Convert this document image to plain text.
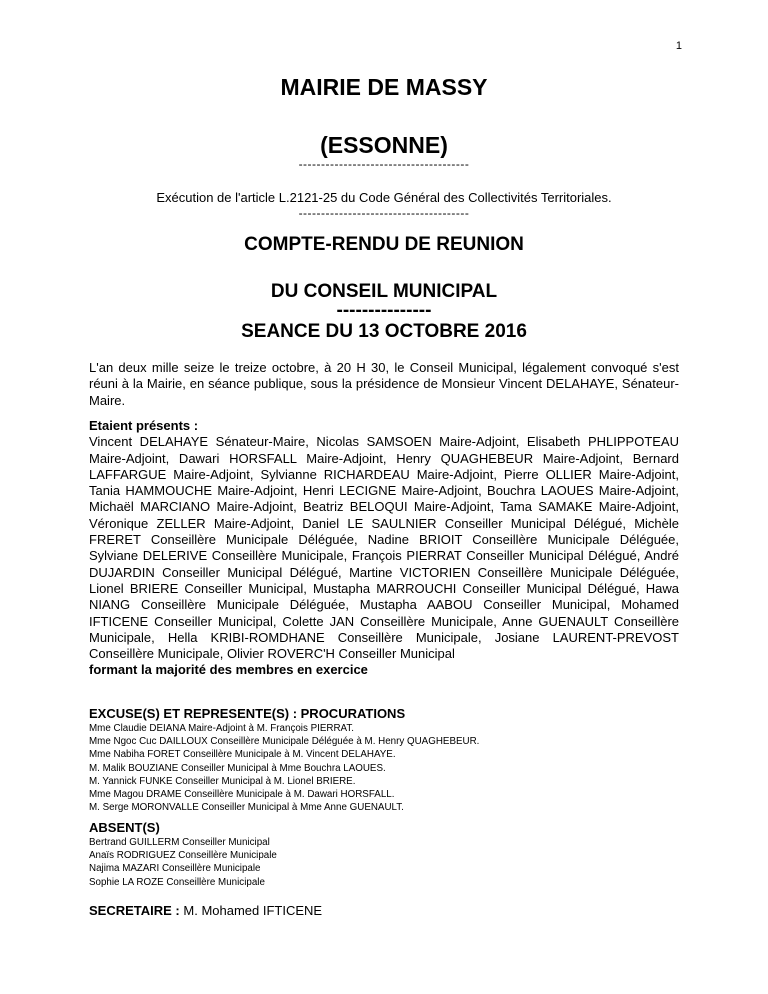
1
MAIRIE DE MASSY
(ESSONNE)
--------------------------------------
Exécution de l'article L.2121-25 du Code Général des Collectivités Territoriales.
--------------------------------------
COMPTE-RENDU DE REUNION
DU CONSEIL MUNICIPAL
---------------
SEANCE DU 13 OCTOBRE 2016
L'an deux mille seize le treize octobre, à 20 H 30, le Conseil Municipal, légalement convoqué s'est réuni à la Mairie, en séance publique, sous la présidence de Monsieur Vincent DELAHAYE, Sénateur-Maire.
Etaient présents :
Vincent DELAHAYE Sénateur-Maire, Nicolas SAMSOEN Maire-Adjoint, Elisabeth PHLIPPOTEAU Maire-Adjoint, Dawari HORSFALL Maire-Adjoint, Henry QUAGHEBEUR Maire-Adjoint, Bernard LAFFARGUE Maire-Adjoint, Sylvianne RICHARDEAU Maire-Adjoint, Pierre OLLIER Maire-Adjoint, Tania HAMMOUCHE Maire-Adjoint, Henri LECIGNE Maire-Adjoint, Bouchra LAOUES Maire-Adjoint, Michaël MARCIANO Maire-Adjoint, Beatriz BELOQUI Maire-Adjoint, Tama SAMAKE Maire-Adjoint, Véronique ZELLER Maire-Adjoint, Daniel LE SAULNIER Conseiller Municipal Délégué, Michèle FRERET Conseillère Municipale Déléguée, Nadine BRIOIT Conseillère Municipale Déléguée, Sylviane DELERIVE Conseillère Municipale, François PIERRAT Conseiller Municipal Délégué, André DUJARDIN Conseiller Municipal Délégué, Martine VICTORIEN Conseillère Municipale Déléguée, Lionel BRIERE Conseiller Municipal, Mustapha MARROUCHI Conseiller Municipal Délégué, Hawa NIANG Conseillère Municipale Déléguée, Mustapha AABOU Conseiller Municipal, Mohamed IFTICENE Conseiller Municipal, Colette JAN Conseillère Municipale, Anne GUENAULT Conseillère Municipale, Hella KRIBI-ROMDHANE Conseillère Municipale, Josiane LAURENT-PREVOST Conseillère Municipale, Olivier ROVERC'H Conseiller Municipal
formant la majorité des membres en exercice
EXCUSE(S) ET REPRESENTE(S) : PROCURATIONS
Mme Claudie DEIANA Maire-Adjoint à M. François PIERRAT.
Mme Ngoc Cuc DAILLOUX Conseillère Municipale Déléguée à M. Henry QUAGHEBEUR.
Mme Nabiha FORET Conseillère Municipale à M. Vincent DELAHAYE.
M. Malik BOUZIANE Conseiller Municipal à Mme Bouchra LAOUES.
M. Yannick FUNKE Conseiller Municipal à M. Lionel BRIERE.
Mme Magou DRAME Conseillère Municipale à M. Dawari HORSFALL.
M. Serge MORONVALLE Conseiller Municipal à Mme Anne GUENAULT.
ABSENT(S)
Bertrand GUILLERM Conseiller Municipal
Anaïs RODRIGUEZ Conseillère Municipale
Najima MAZARI Conseillère Municipale
Sophie LA ROZE Conseillère Municipale
SECRETAIRE : M. Mohamed IFTICENE
